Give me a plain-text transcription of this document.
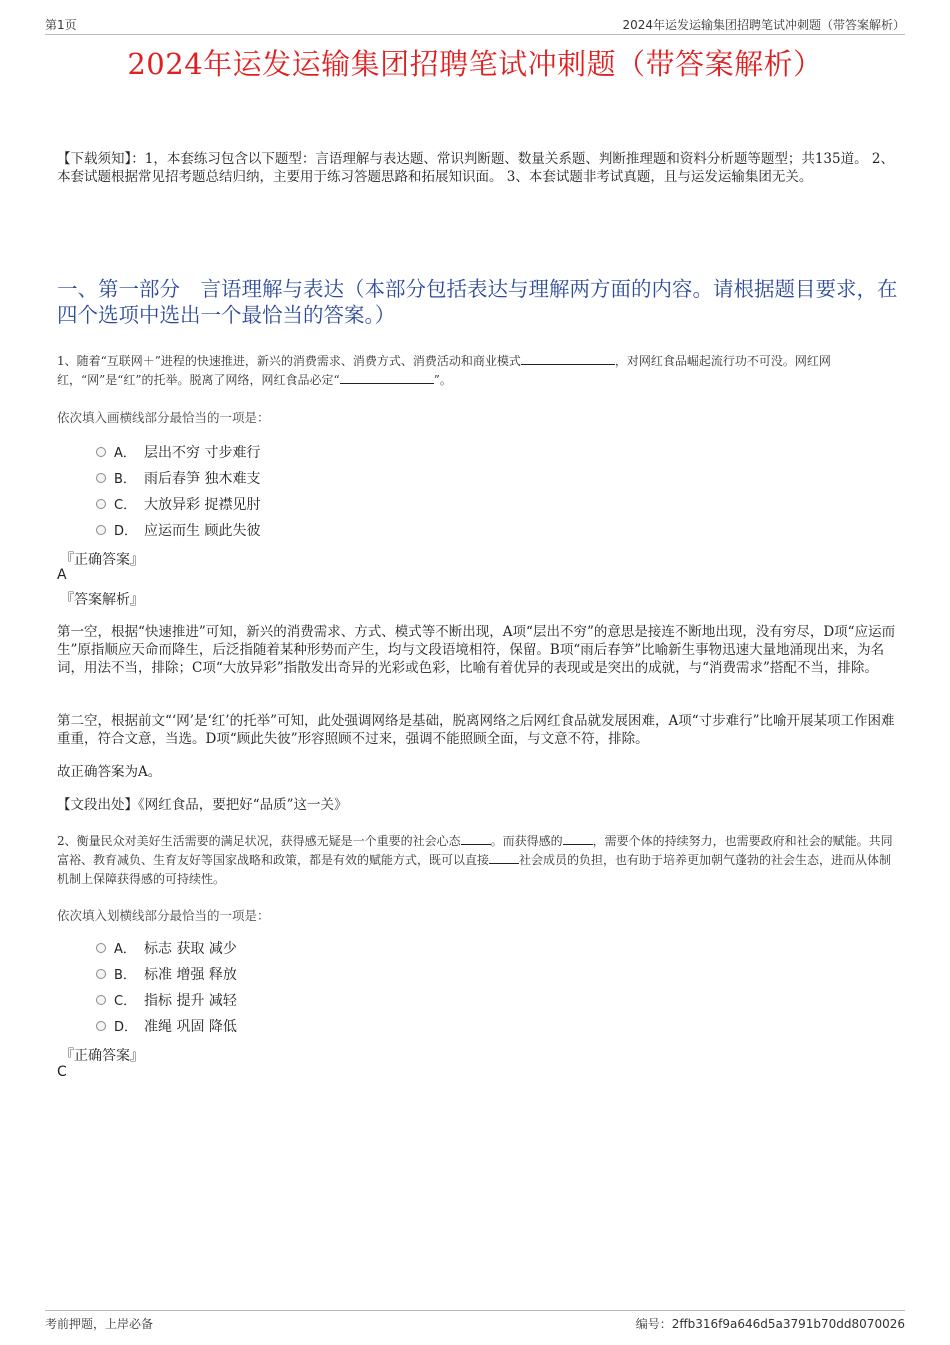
第1页	2024年运发运输集团招聘笔试冲刺题（带答案解析）
2024年运发运输集团招聘笔试冲刺题（带答案解析）
【下载须知】：1，本套练习包含以下题型：言语理解与表达题、常识判断题、数量关系题、判断推理题和资料分析题等题型；共135道。 2、本套试题根据常见招考题总结归纳，主要用于练习答题思路和拓展知识面。 3、本套试题非考试真题，且与运发运输集团无关。
一、第一部分　言语理解与表达（本部分包括表达与理解两方面的内容。请根据题目要求，在四个选项中选出一个最恰当的答案。）
1、随着“互联网＋”进程的快速推进，新兴的消费需求、消费方式、消费活动和商业模式	，对网红食品崛起流行功不可没。网红网红，“网”是“红”的托举。脱离了网络，网红食品必定“	”。
依次填入画横线部分最恰当的一项是：
A． 层出不穷 寸步难行
B． 雨后春笋 独木难支
C． 大放异彩 捉襟见肘
D． 应运而生 顾此失彼
『正确答案』
A
『答案解析』
第一空，根据“快速推进”可知，新兴的消费需求、方式、模式等不断出现，A项“层出不穷”的意思是接连不断地出现，没有穷尽，D项“应运而生”原指顺应天命而降生，后泛指随着某种形势而产生，均与文段语境相符，保留。B项“雨后春笋”比喻新生事物迅速大量地涌现出来，为名词，用法不当，排除；C项“大放异彩”指散发出奇异的光彩或色彩，比喻有着优异的表现或是突出的成就，与“消费需求”搭配不当，排除。
第二空，根据前文“‘网’是‘红’的托举”可知，此处强调网络是基础，脱离网络之后网红食品就发展困难，A项“寸步难行”比喻开展某项工作困难重重，符合文意，当选。D项“顾此失彼”形容照顾不过来，强调不能照顾全面，与文意不符，排除。
故正确答案为A。
【文段出处】《网红食品，要把好“品质”这一关》
2、衡量民众对美好生活需要的满足状况，获得感无疑是一个重要的社会心态	。而获得感的	，需要个体的持续努力，也需要政府和社会的赋能。共同富裕、教育减负、生育友好等国家战略和政策，都是有效的赋能方式，既可以直接	社会成员的负担，也有助于培养更加朝气蓬勃的社会生态，进而从体制机制上保障获得感的可持续性。
依次填入划横线部分最恰当的一项是：
A． 标志 获取 减少
B． 标准 增强 释放
C． 指标 提升 减轻
D． 准绳 巩固 降低
『正确答案』
C
考前押题，上岸必备	编号：2ffb316f9a646d5a3791b70dd8070026
